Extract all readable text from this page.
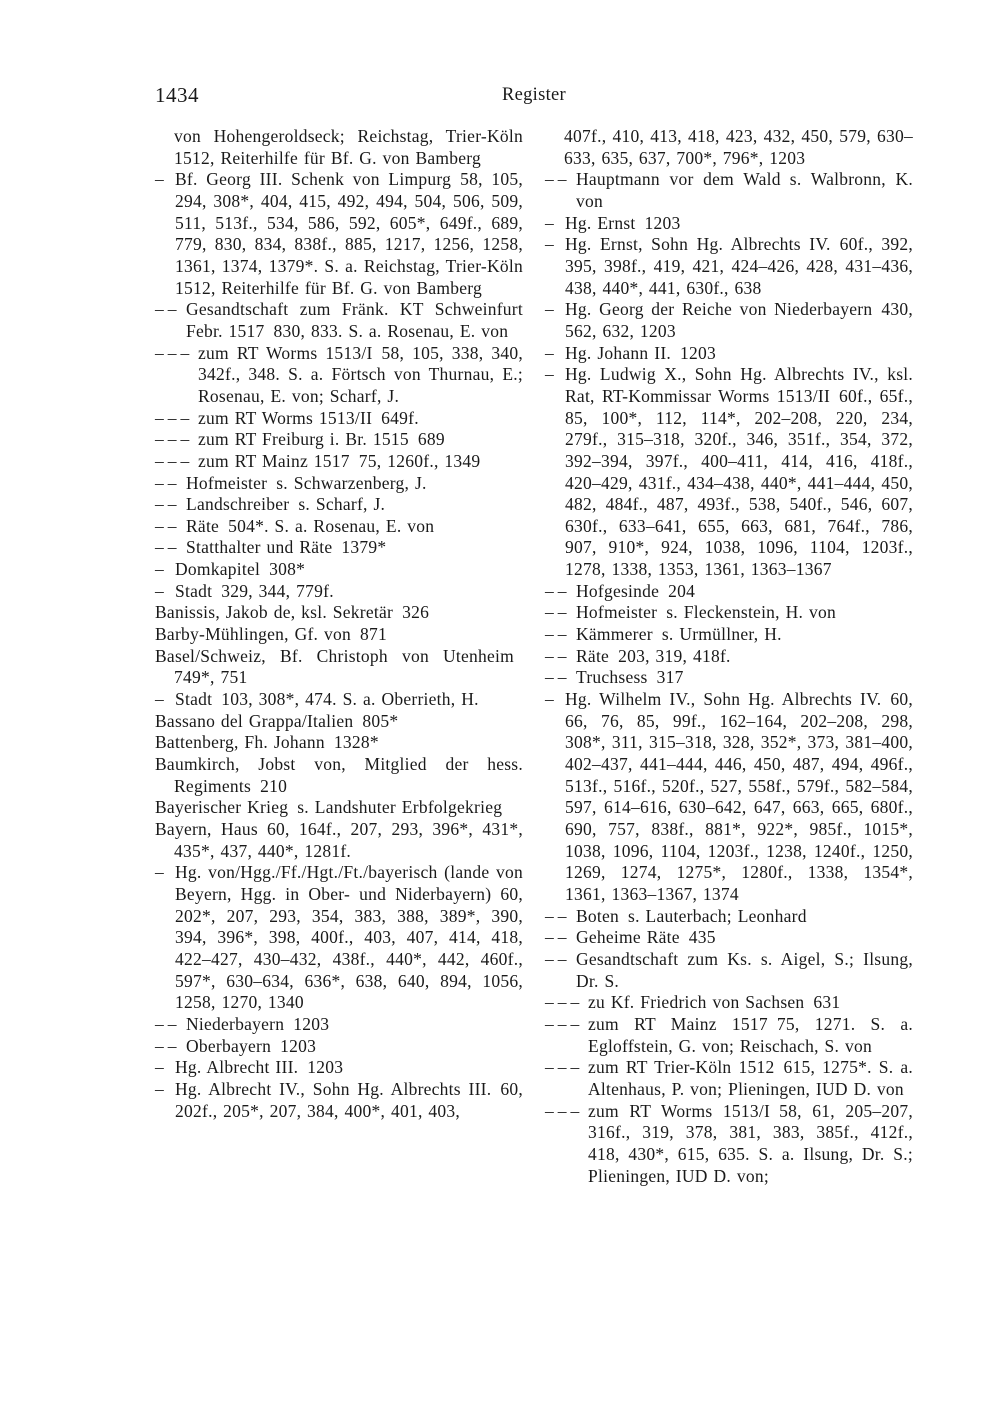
1434	Register

von Hohengeroldseck; Reichstag, Trier-Köln 1512, Reiterhilfe für Bf. G. von Bamberg

– Bf. Georg III. Schenk von Limpurg 58, 105, 294, 308*, 404, 415, 492, 494, 504, 506, 509, 511, 513f., 534, 586, 592, 605*, 649f., 689, 779, 830, 834, 838f., 885, 1217, 1256, 1258, 1361, 1374, 1379*. S. a. Reichstag, Trier-Köln 1512, Reiterhilfe für Bf. G. von Bamberg

– – Gesandtschaft zum Fränk. KT Schweinfurt Febr. 1517 830, 833. S. a. Rosenau, E. von

– – – zum RT Worms 1513/I 58, 105, 338, 340, 342f., 348. S. a. Förtsch von Thurnau, E.; Rosenau, E. von; Scharf, J.

– – – zum RT Worms 1513/II 649f.

– – – zum RT Freiburg i. Br. 1515 689

– – – zum RT Mainz 1517 75, 1260f., 1349

– – Hofmeister s. Schwarzenberg, J.

– – Landschreiber s. Scharf, J.

– – Räte 504*. S. a. Rosenau, E. von

– – Statthalter und Räte 1379*

– Domkapitel 308*

– Stadt 329, 344, 779f.

Banissis, Jakob de, ksl. Sekretär 326

Barby-Mühlingen, Gf. von 871

Basel/Schweiz, Bf. Christoph von Utenheim 749*, 751

– Stadt 103, 308*, 474. S. a. Oberrieth, H.

Bassano del Grappa/Italien 805*

Battenberg, Fh. Johann 1328*

Baumkirch, Jobst von, Mitglied der hess. Regiments 210

Bayerischer Krieg s. Landshuter Erbfolgekrieg

Bayern, Haus 60, 164f., 207, 293, 396*, 431*, 435*, 437, 440*, 1281f.

– Hg. von/Hgg./Ff./Hgt./Ft./bayerisch (lande von Beyern, Hgg. in Ober- und Niderbayern) 60, 202*, 207, 293, 354, 383, 388, 389*, 390, 394, 396*, 398, 400f., 403, 407, 414, 418, 422–427, 430–432, 438f., 440*, 442, 460f., 597*, 630–634, 636*, 638, 640, 894, 1056, 1258, 1270, 1340

– – Niederbayern 1203

– – Oberbayern 1203

– Hg. Albrecht III. 1203

– Hg. Albrecht IV., Sohn Hg. Albrechts III. 60, 202f., 205*, 207, 384, 400*, 401, 403,

407f., 410, 413, 418, 423, 432, 450, 579, 630–633, 635, 637, 700*, 796*, 1203

– – Hauptmann vor dem Wald s. Walbronn, K. von

– Hg. Ernst 1203

– Hg. Ernst, Sohn Hg. Albrechts IV. 60f., 392, 395, 398f., 419, 421, 424–426, 428, 431–436, 438, 440*, 441, 630f., 638

– Hg. Georg der Reiche von Niederbayern 430, 562, 632, 1203

– Hg. Johann II. 1203

– Hg. Ludwig X., Sohn Hg. Albrechts IV., ksl. Rat, RT-Kommissar Worms 1513/II 60f., 65f., 85, 100*, 112, 114*, 202–208, 220, 234, 279f., 315–318, 320f., 346, 351f., 354, 372, 392–394, 397f., 400–411, 414, 416, 418f., 420–429, 431f., 434–438, 440*, 441–444, 450, 482, 484f., 487, 493f., 538, 540f., 546, 607, 630f., 633–641, 655, 663, 681, 764f., 786, 907, 910*, 924, 1038, 1096, 1104, 1203f., 1278, 1338, 1353, 1361, 1363–1367

– – Hofgesinde 204

– – Hofmeister s. Fleckenstein, H. von

– – Kämmerer s. Urmüllner, H.

– – Räte 203, 319, 418f.

– – Truchsess 317

– Hg. Wilhelm IV., Sohn Hg. Albrechts IV. 60, 66, 76, 85, 99f., 162–164, 202–208, 298, 308*, 311, 315–318, 328, 352*, 373, 381–400, 402–437, 441–444, 446, 450, 487, 494, 496f., 513f., 516f., 520f., 527, 558f., 579f., 582–584, 597, 614–616, 630–642, 647, 663, 665, 680f., 690, 757, 838f., 881*, 922*, 985f., 1015*, 1038, 1096, 1104, 1203f., 1238, 1240f., 1250, 1269, 1274, 1275*, 1280f., 1338, 1354*, 1361, 1363–1367, 1374

– – Boten s. Lauterbach; Leonhard

– – Geheime Räte 435

– – Gesandtschaft zum Ks. s. Aigel, S.; Ilsung, Dr. S.

– – – zu Kf. Friedrich von Sachsen 631

– – – zum RT Mainz 1517 75, 1271. S. a. Egloffstein, G. von; Reischach, S. von

– – – zum RT Trier-Köln 1512 615, 1275*. S. a. Altenhaus, P. von; Plieningen, IUD D. von

– – – zum RT Worms 1513/I 58, 61, 205–207, 316f., 319, 378, 381, 383, 385f., 412f., 418, 430*, 615, 635. S. a. Ilsung, Dr. S.; Plieningen, IUD D. von;
